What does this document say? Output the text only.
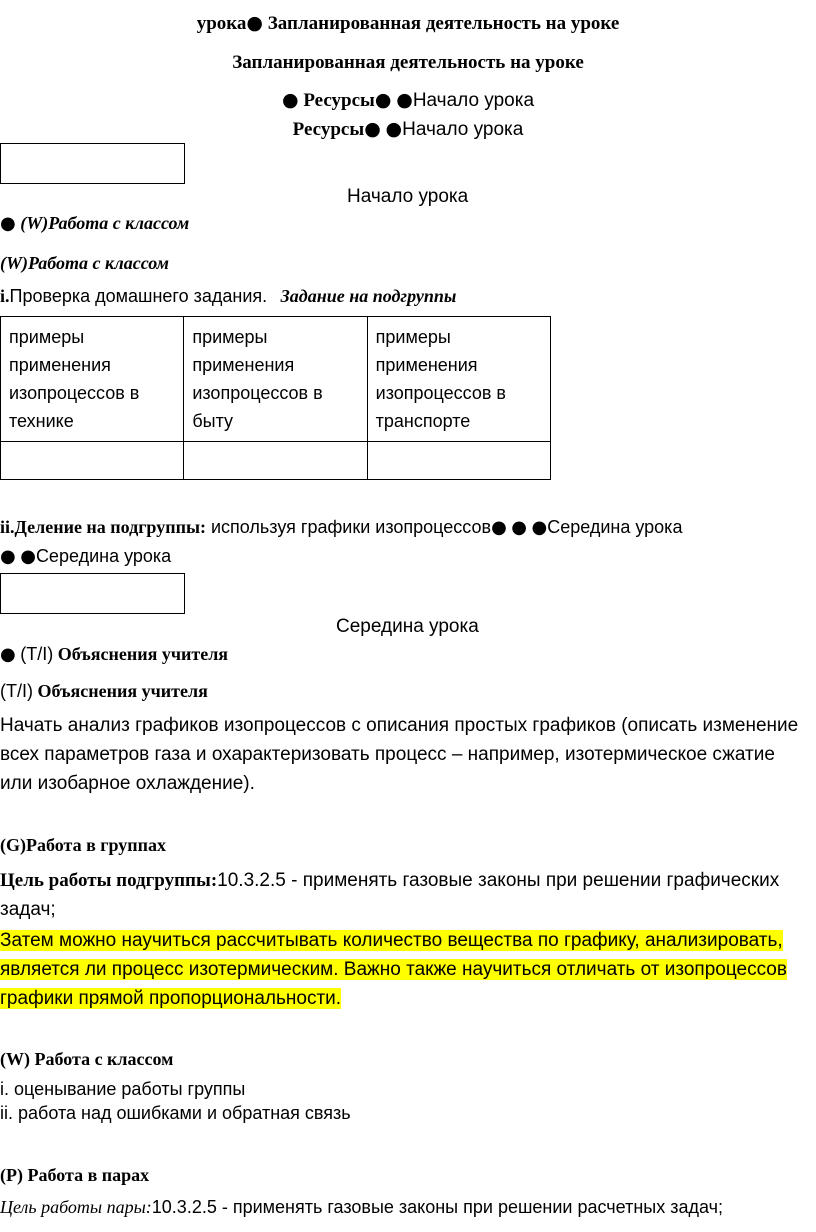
урока● Запланированная деятельность на уроке
Запланированная деятельность на уроке
● Ресурсы● ●Начало урока
Ресурсы● ●Начало урока
Начало урока
● (W)Работа с классом
(W)Работа с классом
i.Проверка домашнего задания. Задание на подгруппы
примеры применения изопроцессов в технике	примеры применения изопроцессов в быту	примеры применения изопроцессов в транспорте

ii.Деление на подгруппы: используя графики изопроцессов● ● ●Середина урока
● ●Середина урока
Середина урока
● (T/I) Объяснения учителя
(T/I) Объяснения учителя
Начать анализ графиков изопроцессов с описания простых графиков (описать изменение всех параметров газа и охарактеризовать процесс – например, изотермическое сжатие или изобарное охлаждение).
(G)Работа в группах
Цель работы подгруппы:10.3.2.5 - применять газовые законы при решении графических задач;
Затем можно научиться рассчитывать количество вещества по графику, анализировать, является ли процесс изотермическим. Важно также научиться отличать от изопроцессов графики прямой пропорциональности.
(W) Работа с классом
i. оценывание работы группы
ii. работа над ошибками и обратная связь
(P) Работа в парах
Цель работы пары:10.3.2.5 - применять газовые законы при решении расчетных задач;
